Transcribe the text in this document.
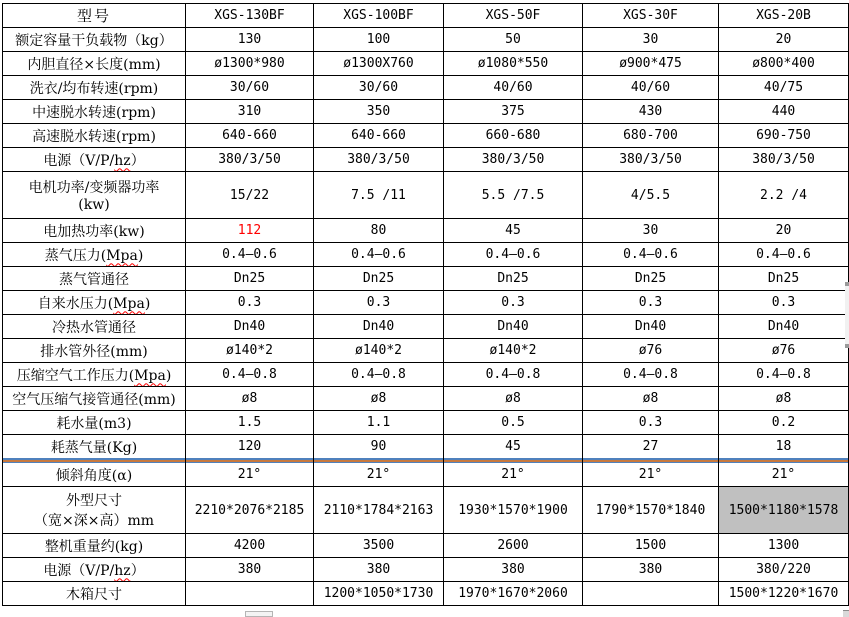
型号	XGS-130BF	XGS-100BF	XGS-50F	XGS-30F	XGS-20B

额定容量干负载物（kg）	130	100	50	30	20

内胆直径×长度(mm)	ø1300*980	ø1300X760	ø1080*550	ø900*475	ø800*400

洗衣/均布转速(rpm)	30/60	30/60	40/60	40/60	40/75

中速脱水转速(rpm)	310	350	375	430	440

高速脱水转速(rpm)	640-660	640-660	660-680	680-700	690-750

电源（V/P/hz）	380/3/50	380/3/50	380/3/50	380/3/50	380/3/50

电机功率/变频器功率
(kw)	15/22	7.5 /11	5.5 /7.5	4/5.5	2.2 /4

电加热功率(kw)	112	80	45	30	20

蒸气压力(Mpa)	0.4—0.6	0.4—0.6	0.4—0.6	0.4—0.6	0.4—0.6

蒸气管通径	Dn25	Dn25	Dn25	Dn25	Dn25

自来水压力(Mpa)	0.3	0.3	0.3	0.3	0.3

冷热水管通径	Dn40	Dn40	Dn40	Dn40	Dn40

排水管外径(mm)	ø140*2	ø140*2	ø140*2	ø76	ø76

压缩空气工作压力(Mpa)	0.4—0.8	0.4—0.8	0.4—0.8	0.4—0.8	0.4—0.8

空气压缩气接管通径(mm)	ø8	ø8	ø8	ø8	ø8

耗水量(m3)	1.5	1.1	0.5	0.3	0.2

耗蒸气量(Kg)	120	90	45	27	18

倾斜角度(α)	21°	21°	21°	21°	21°

外型尺寸
（宽×深×高）mm	2210*2076*2185	2110*1784*2163	1930*1570*1900	1790*1570*1840	1500*1180*1578

整机重量约(kg)	4200	3500	2600	1500	1300

电源（V/P/hz）	380	380	380	380	380/220

木箱尺寸		1200*1050*1730	1970*1670*2060		1500*1220*1670
